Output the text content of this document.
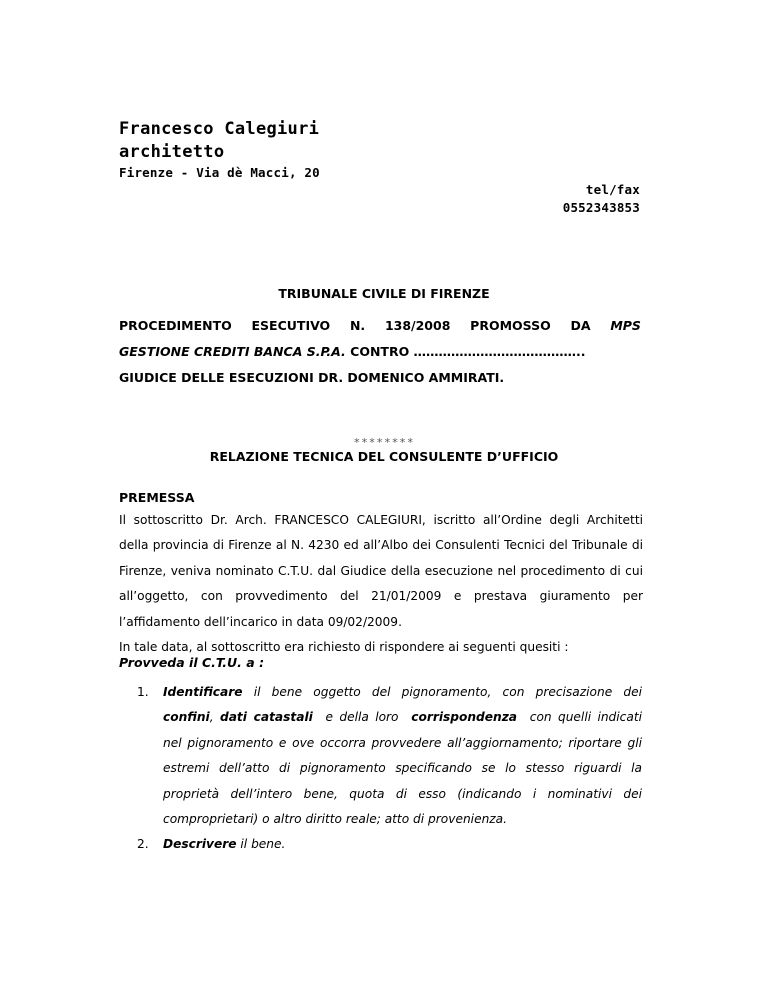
Francesco Calegiuri
architetto
Firenze - Via dè Macci, 20
tel/fax
0552343853
TRIBUNALE CIVILE DI FIRENZE
PROCEDIMENTO ESECUTIVO N. 138/2008 PROMOSSO DA MPS
GESTIONE CREDITI BANCA S.P.A. CONTRO …………………………………..
GIUDICE DELLE ESECUZIONI DR. DOMENICO AMMIRATI.
********
RELAZIONE TECNICA DEL CONSULENTE D’UFFICIO
PREMESSA
Il sottoscritto Dr. Arch. FRANCESCO CALEGIURI, iscritto all’Ordine degli Architetti
della provincia di Firenze al N. 4230 ed all’Albo dei Consulenti Tecnici del Tribunale di
Firenze, veniva nominato C.T.U. dal Giudice della esecuzione nel procedimento di cui
all’oggetto, con provvedimento del 21/01/2009 e prestava giuramento per
l’affidamento dell’incarico in data 09/02/2009.
In tale data, al sottoscritto era richiesto di rispondere ai seguenti quesiti :
Provveda il C.T.U. a :
1.	Identificare il bene oggetto del pignoramento, con precisazione dei
confini, dati catastali  e della loro  corrispondenza  con quelli indicati
nel pignoramento e ove occorra provvedere all’aggiornamento; riportare gli
estremi dell’atto di pignoramento specificando se lo stesso riguardi la
proprietà dell’intero bene, quota di esso (indicando i nominativi dei
comproprietari) o altro diritto reale; atto di provenienza.
2.	Descrivere il bene.
